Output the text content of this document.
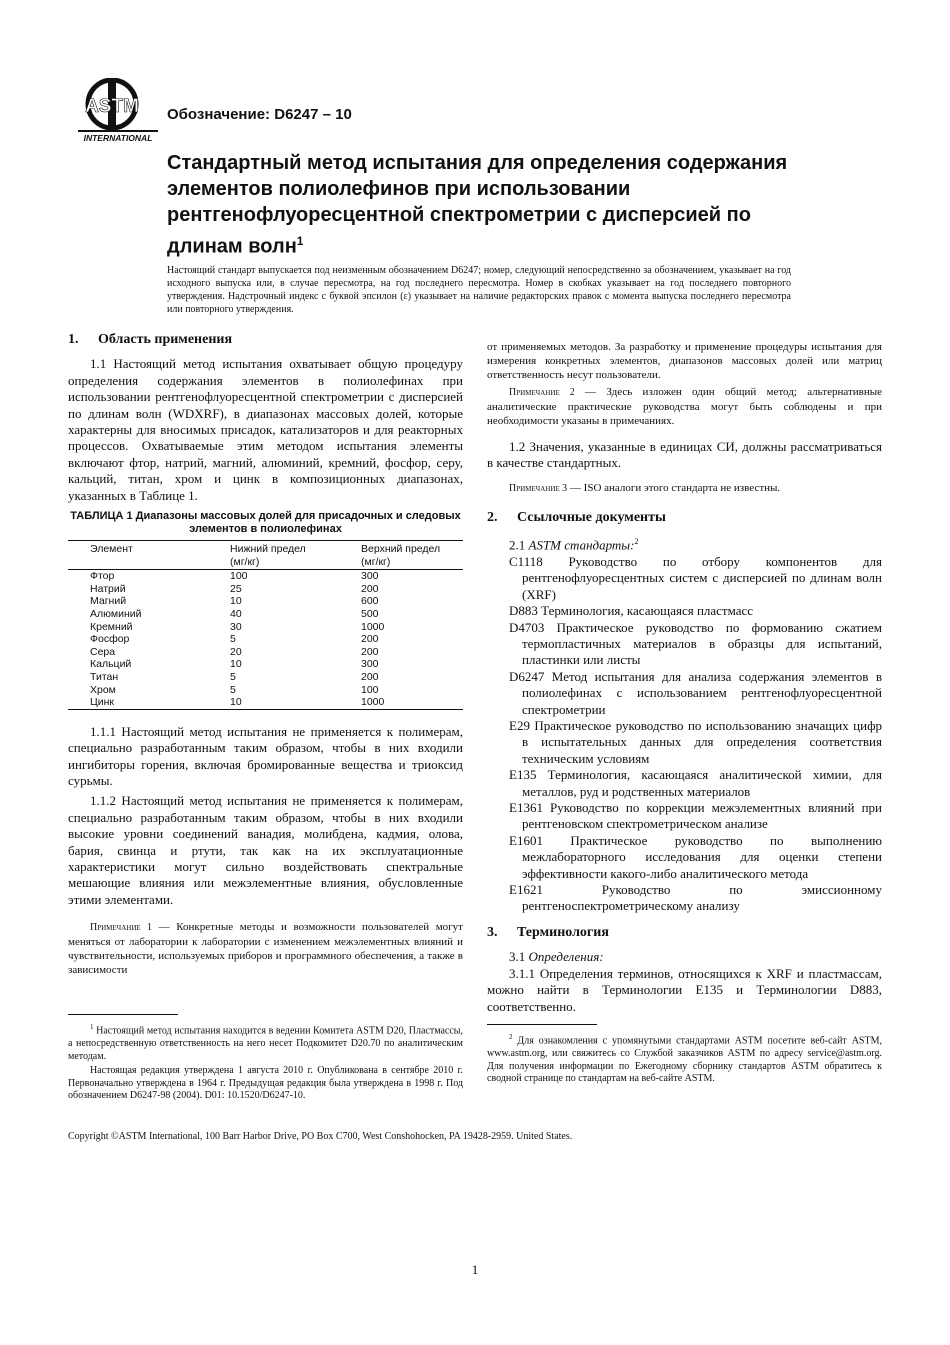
ASTM
INTERNATIONAL
Обозначение: D6247 – 10
Стандартный метод испытания для определения содержания элементов полиолефинов при использовании рентгенофлуоресцентной спектрометрии с дисперсией по длинам волн$^1$

Настоящий стандарт выпускается под неизменным обозначением D6247; номер, следующий непосредственно за обозначением, указывает на год исходного выпуска или, в случае пересмотра, на год последнего пересмотра. Номер в скобках указывает на год последнего повторного утверждения. Надстрочный индекс с буквой эпсилон (ε) указывает на наличие редакторских правок с момента выпуска последнего пересмотра или повторного утверждения.

1. Область применения

1.1 Настоящий метод испытания охватывает общую процедуру определения содержания элементов в полиолефинах при использовании рентгенофлуоресцентной спектрометрии с дисперсией по длинам волн (WDXRF), в диапазонах массовых долей, которые характерны для вносимых присадок, катализаторов и для реакторных процессов. Охватываемые этим методом испытания элементы включают фтор, натрий, магний, алюминий, кремний, фосфор, серу, кальций, титан, хром и цинк в композиционных диапазонах, указанных в Таблице 1.

ТАБЛИЦА 1 Диапазоны массовых долей для присадочных и следовых элементов в полиолефинах
Элемент	Нижний предел	Верхний предел
	(мг/кг)	(мг/кг)
Фтор	100	300
Натрий	25	200
Магний	10	600
Алюминий	40	500
Кремний	30	1000
Фосфор	5	200
Сера	20	200
Кальций	10	300
Титан	5	200
Хром	5	100
Цинк	10	1000

1.1.1 Настоящий метод испытания не применяется к полимерам, специально разработанным таким образом, чтобы в них входили ингибиторы горения, включая бромированные вещества и триоксид сурьмы.

1.1.2 Настоящий метод испытания не применяется к полимерам, специально разработанным таким образом, чтобы в них входили высокие уровни соединений ванадия, молибдена, кадмия, олова, бария, свинца и ртути, так как на их эксплуатационные характеристики могут сильно воздействовать спектральные мешающие влияния или межэлементные влияния, обусловленные этими элементами.

Примечание 1 — Конкретные методы и возможности пользователей могут меняться от лаборатории к лаборатории с изменением межэлементных влияний и чувствительности, используемых приборов и программного обеспечения, а также в зависимости

$^1$ Настоящий метод испытания находится в ведении Комитета ASTM D20, Пластмассы, а непосредственную ответственность на него несет Подкомитет D20.70 по аналитическим методам.

Настоящая редакция утверждена 1 августа 2010 г. Опубликована в сентябре 2010 г. Первоначально утверждена в 1964 г. Предыдущая редакция была утверждена в 1998 г. Под обозначением D6247-98 (2004). D01: 10.1520/D6247-10.

от применяемых методов. За разработку и применение процедуры испытания для измерения конкретных элементов, диапазонов массовых долей или матриц ответственность несут пользователи.

Примечание 2 — Здесь изложен один общий метод; альтернативные аналитические практические руководства могут быть соблюдены и при необходимости указаны в примечаниях.

1.2 Значения, указанные в единицах СИ, должны рассматриваться в качестве стандартных.

Примечание 3 — ISO аналоги этого стандарта не известны.

2. Ссылочные документы

2.1 ASTM стандарты:$^2$

C1118 Руководство по отбору компонентов для рентгенофлуоресцентных систем с дисперсией по длинам волн (XRF)

D883 Терминология, касающаяся пластмасс

D4703 Практическое руководство по формованию сжатием термопластичных материалов в образцы для испытаний, пластинки или листы

D6247 Метод испытания для анализа содержания элементов в полиолефинах с использованием рентгенофлуоресцентной спектрометрии

E29 Практическое руководство по использованию значащих цифр в испытательных данных для определения соответствия техническим условиям

E135 Терминология, касающаяся аналитической химии, для металлов, руд и родственных материалов

E1361 Руководство по коррекции межэлементных влияний при рентгеновском спектрометрическом анализе

E1601 Практическое руководство по выполнению межлабораторного исследования для оценки степени эффективности какого-либо аналитического метода

E1621 Руководство по эмиссионному рентгеноспектрометрическому анализу

3. Терминология

3.1 Определения:

3.1.1 Определения терминов, относящихся к XRF и пластмассам, можно найти в Терминологии E135 и Терминологии D883, соответственно.

$^2$ Для ознакомления с упомянутыми стандартами ASTM посетите веб-сайт ASTM, www.astm.org, или свяжитесь со Службой заказчиков ASTM по адресу service@astm.org. Для получения информации по Ежегодному сборнику стандартов ASTM обратитесь к сводной странице по стандартам на веб-сайте ASTM.

Copyright ©ASTM International, 100 Barr Harbor Drive, PO Box C700, West Conshohocken, PA 19428-2959. United States.
1
